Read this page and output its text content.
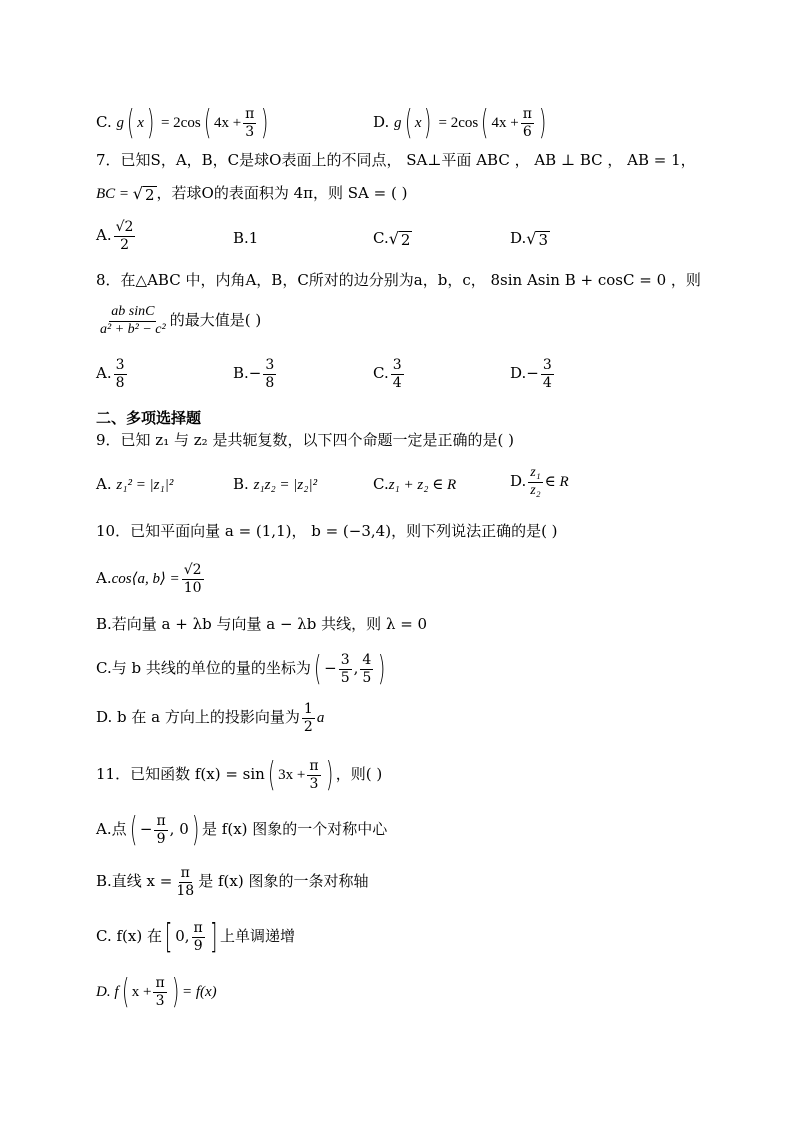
C. g( x) = 2cos( $4x + \frac{\pi}{3}$ )	D. g( x) = 2cos( $4x + \frac{\pi}{6}$ )
7．已知S，A，B，C是球O表面上的不同点， SA⊥平面 ABC ， AB ⊥ BC ， AB = 1，
BC = √ 2 ，若球O的表面积为 4π，则 SA = ( )
A. $\frac{√2}{2}$	B.1	C. √ 2	D. √ 3
8．在△ABC 中，内角A，B，C所对的边分别为a，b，c， 8sin Asin B + cosC = 0 ，则
$\frac{\text{ab sinC}}{\text{a² + b² − c²}}$ 的最大值是( )
A. $\frac{3}{8}$	$B.- \frac{3}{8}$	C. $\frac{3}{4}$	$D.- \frac{3}{4}$
二、多项选择题
9．已知 z₁ 与 z₂ 是共轭复数，以下四个命题一定是正确的是( )
A. z₁² = |z₁|²	B. z₁z₂ = |z₂|²	C.z₁ + z₂ ∈ R	D. $\frac{\text{z₁}}{\text{z₂}}$ ∈ R
10．已知平面向量 a = (1,1)， b = (−3,4)，则下列说法正确的是( )
A.cos⟨a, b⟩ = $\frac{√2}{10}$
B.若向量 a + λb 与向量 a − λb 共线，则 λ = 0
C.与 b 共线的单位的量的坐标为( − $\frac{3}{5}$ , $\frac{4}{5}$ )
D. b 在 a 方向上的投影向量为 $\frac{1}{2}$ a
11．已知函数 f(x) = sin( $3x + \frac{\pi}{3}$ ) ，则( )
A.点( − $\frac{\pi}{9}$ , 0) 是 f(x) 图象的一个对称中心
B.直线 $x = \frac{\pi}{18}$ 是 f(x) 图象的一条对称轴
C. f(x) 在[ 0, $\frac{\pi}{9}$ ] 上单调递增
D. f( $x + \frac{\pi}{3}$ ) = f(x)
